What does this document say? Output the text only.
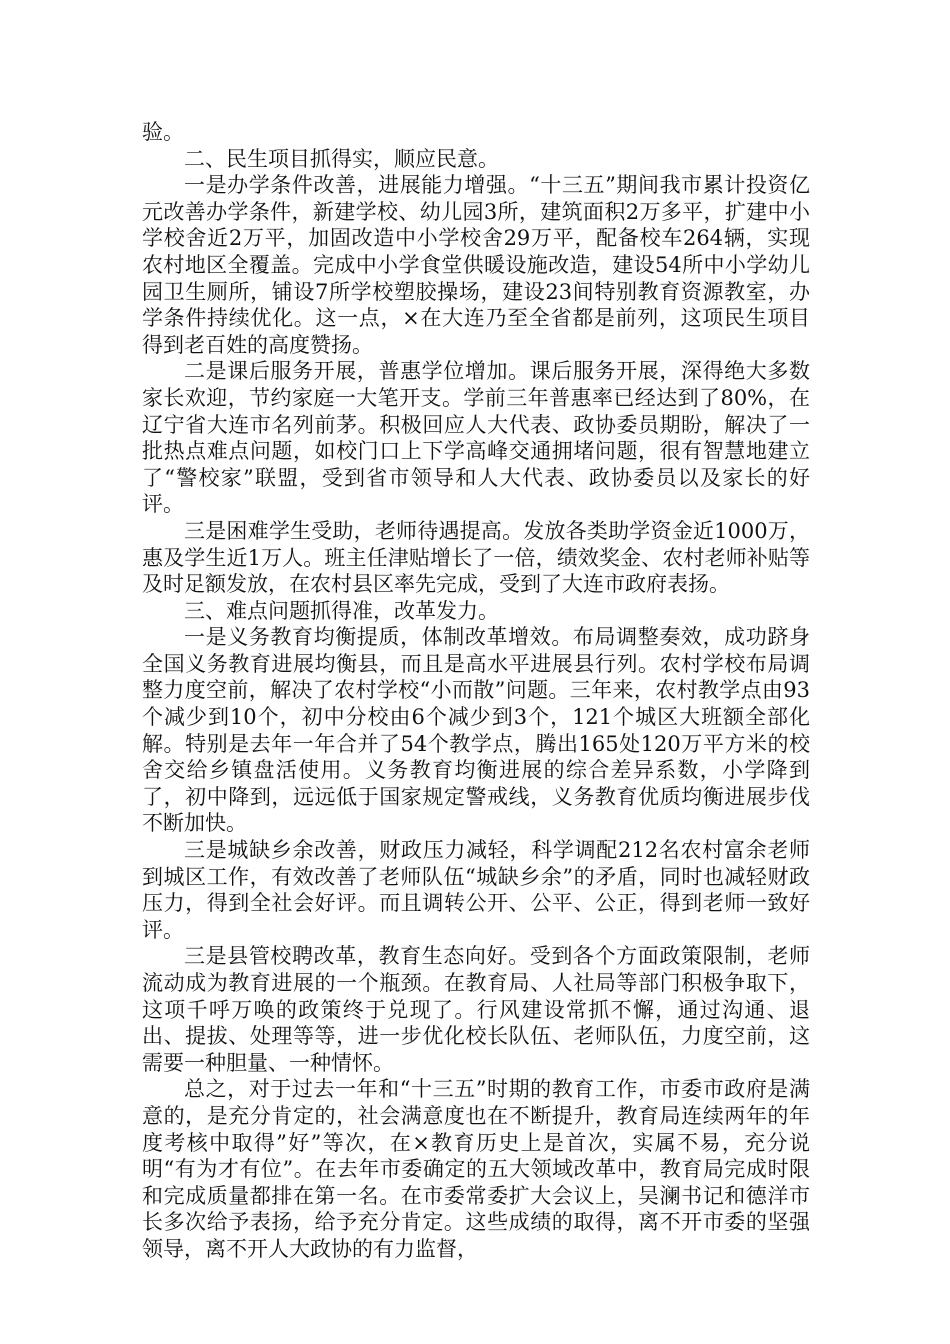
验。

二、民生项目抓得实，顺应民意。

一是办学条件改善，进展能力增强。“十三五”期间我市累计投资亿元改善办学条件，新建学校、幼儿园3所，建筑面积2万多平，扩建中小学校舍近2万平，加固改造中小学校舍29万平，配备校车264辆，实现农村地区全覆盖。完成中小学食堂供暖设施改造，建设54所中小学幼儿园卫生厕所，铺设7所学校塑胶操场，建设23间特别教育资源教室，办学条件持续优化。这一点，×在大连乃至全省都是前列，这项民生项目得到老百姓的高度赞扬。

二是课后服务开展，普惠学位增加。课后服务开展，深得绝大多数家长欢迎，节约家庭一大笔开支。学前三年普惠率已经达到了80%，在辽宁省大连市名列前茅。积极回应人大代表、政协委员期盼，解决了一批热点难点问题，如校门口上下学高峰交通拥堵问题，很有智慧地建立了“警校家”联盟，受到省市领导和人大代表、政协委员以及家长的好评。

三是困难学生受助，老师待遇提高。发放各类助学资金近1000万，惠及学生近1万人。班主任津贴增长了一倍，绩效奖金、农村老师补贴等及时足额发放，在农村县区率先完成，受到了大连市政府表扬。

三、难点问题抓得准，改革发力。

一是义务教育均衡提质，体制改革增效。布局调整奏效，成功跻身全国义务教育进展均衡县，而且是高水平进展县行列。农村学校布局调整力度空前，解决了农村学校“小而散”问题。三年来，农村教学点由93个减少到10个，初中分校由6个减少到3个，121个城区大班额全部化解。特别是去年一年合并了54个教学点，腾出165处120万平方米的校舍交给乡镇盘活使用。义务教育均衡进展的综合差异系数，小学降到了，初中降到，远远低于国家规定警戒线，义务教育优质均衡进展步伐不断加快。

三是城缺乡余改善，财政压力减轻，科学调配212名农村富余老师到城区工作，有效改善了老师队伍“城缺乡余”的矛盾，同时也减轻财政压力，得到全社会好评。而且调转公开、公平、公正，得到老师一致好评。

三是县管校聘改革，教育生态向好。受到各个方面政策限制，老师流动成为教育进展的一个瓶颈。在教育局、人社局等部门积极争取下，这项千呼万唤的政策终于兑现了。行风建设常抓不懈，通过沟通、退出、提拔、处理等等，进一步优化校长队伍、老师队伍，力度空前，这需要一种胆量、一种情怀。

总之，对于过去一年和“十三五”时期的教育工作，市委市政府是满意的，是充分肯定的，社会满意度也在不断提升，教育局连续两年的年度考核中取得”好”等次，在×教育历史上是首次，实属不易，充分说明“有为才有位”。在去年市委确定的五大领域改革中，教育局完成时限和完成质量都排在第一名。在市委常委扩大会议上，吴澜书记和德洋市长多次给予表扬，给予充分肯定。这些成绩的取得，离不开市委的坚强领导，离不开人大政协的有力监督，
